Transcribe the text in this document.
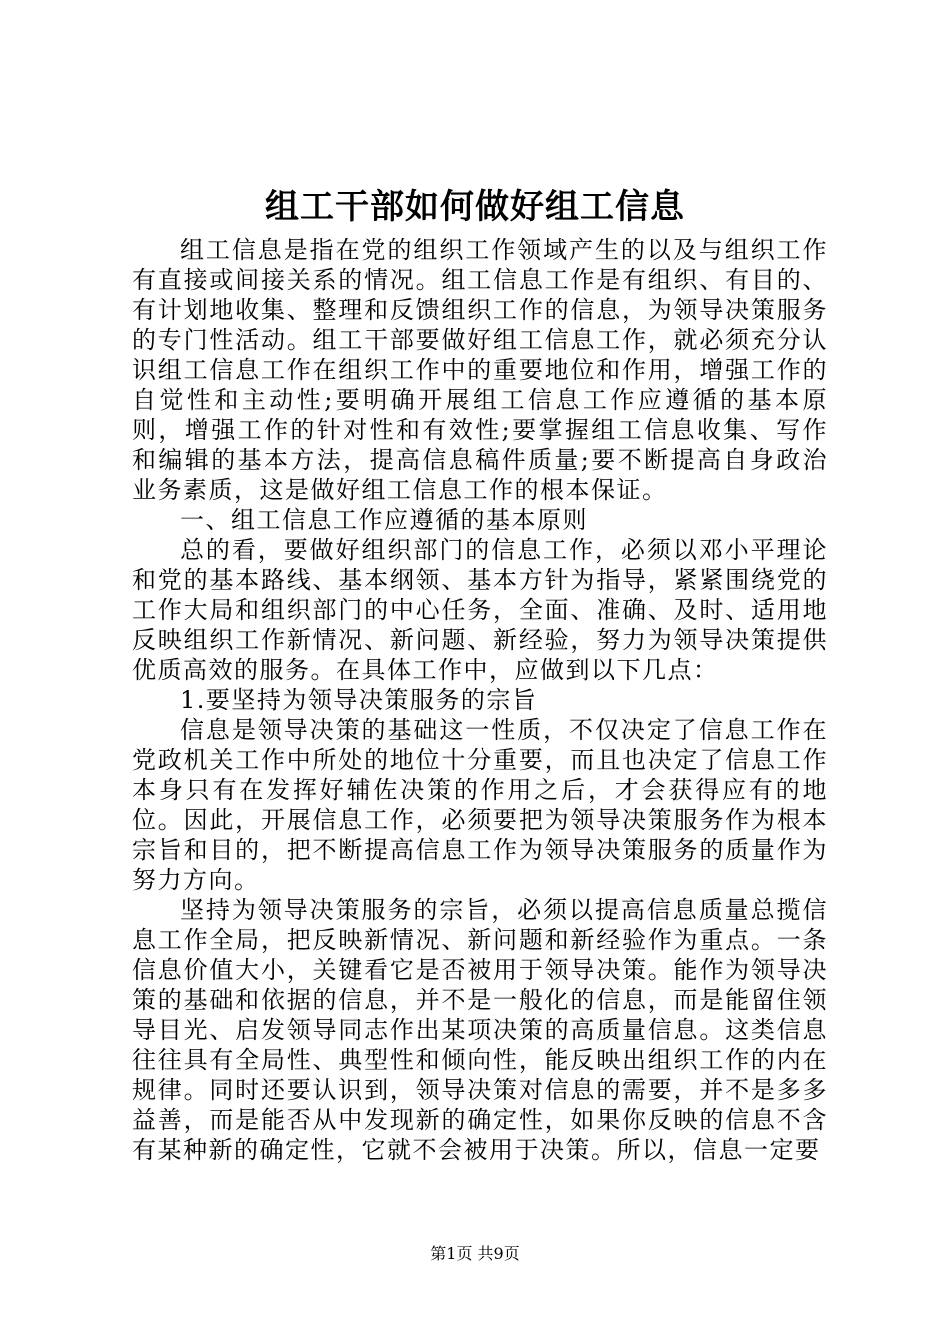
组工干部如何做好组工信息

组工信息是指在党的组织工作领域产生的以及与组织工作有直接或间接关系的情况。组工信息工作是有组织、有目的、有计划地收集、整理和反馈组织工作的信息，为领导决策服务的专门性活动。组工干部要做好组工信息工作，就必须充分认识组工信息工作在组织工作中的重要地位和作用，增强工作的自觉性和主动性;要明确开展组工信息工作应遵循的基本原则，增强工作的针对性和有效性;要掌握组工信息收集、写作和编辑的基本方法，提高信息稿件质量;要不断提高自身政治业务素质，这是做好组工信息工作的根本保证。

一、组工信息工作应遵循的基本原则

总的看，要做好组织部门的信息工作，必须以邓小平理论和党的基本路线、基本纲领、基本方针为指导，紧紧围绕党的工作大局和组织部门的中心任务，全面、准确、及时、适用地反映组织工作新情况、新问题、新经验，努力为领导决策提供优质高效的服务。在具体工作中，应做到以下几点：

1.要坚持为领导决策服务的宗旨

信息是领导决策的基础这一性质，不仅决定了信息工作在党政机关工作中所处的地位十分重要，而且也决定了信息工作本身只有在发挥好辅佐决策的作用之后，才会获得应有的地位。因此，开展信息工作，必须要把为领导决策服务作为根本宗旨和目的，把不断提高信息工作为领导决策服务的质量作为努力方向。

坚持为领导决策服务的宗旨，必须以提高信息质量总揽信息工作全局，把反映新情况、新问题和新经验作为重点。一条信息价值大小，关键看它是否被用于领导决策。能作为领导决策的基础和依据的信息，并不是一般化的信息，而是能留住领导目光、启发领导同志作出某项决策的高质量信息。这类信息往往具有全局性、典型性和倾向性，能反映出组织工作的内在规律。同时还要认识到，领导决策对信息的需要，并不是多多益善，而是能否从中发现新的确定性，如果你反映的信息不含有某种新的确定性，它就不会被用于决策。所以，信息一定要

第1页 共9页
